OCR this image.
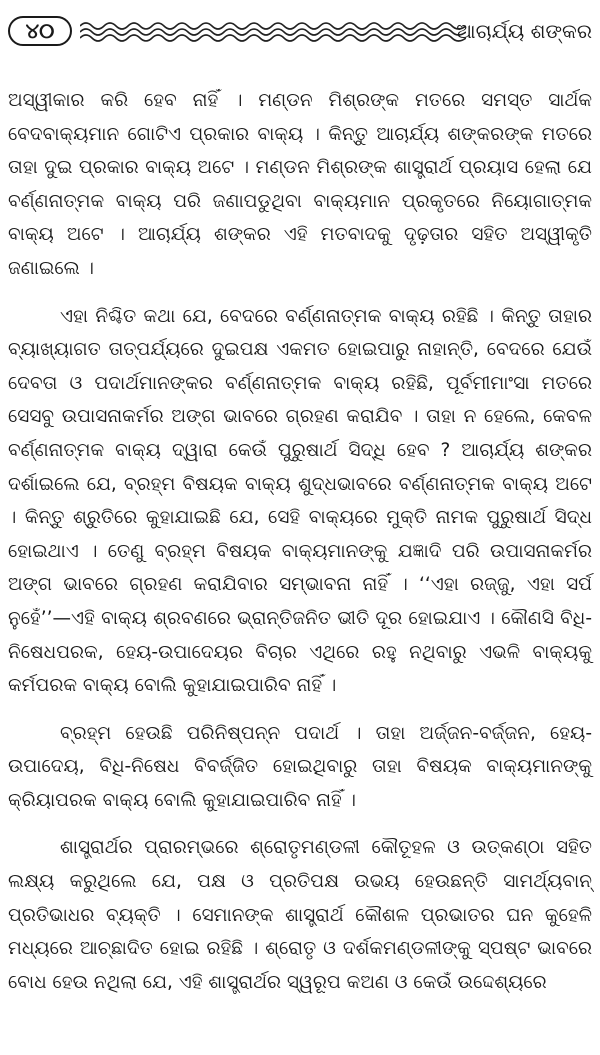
୪୦	ଆଚାର୍ଯ୍ୟ ଶଙ୍କର

ଅସ୍ୱୀକାର କରି ହେବ ନାହିଁ । ମଣ୍ଡନ ମିଶ୍ରଙ୍କ ମତରେ ସମସ୍ତ ସାର୍ଥକ ବେଦବାକ୍ୟମାନ ଗୋଟିଏ ପ୍ରକାର ବାକ୍ୟ । କିନ୍ତୁ ଆଚାର୍ଯ୍ୟ ଶଙ୍କରଙ୍କ ମତରେ ତାହା ଦୁଇ ପ୍ରକାର ବାକ୍ୟ ଅଟେ । ମଣ୍ଡନ ମିଶ୍ରଙ୍କ ଶାସ୍ତ୍ରାର୍ଥ ପ୍ରୟାସ ହେଲା ଯେ ବର୍ଣ୍ଣନାତ୍ମକ ବାକ୍ୟ ପରି ଜଣାପଡୁଥିବା ବାକ୍ୟମାନ ପ୍ରକୃତରେ ନିୟୋଗାତ୍ମକ ବାକ୍ୟ ଅଟେ । ଆଚାର୍ଯ୍ୟ ଶଙ୍କର ଏହି ମତବାଦକୁ ଦୃଢ଼ତାର ସହିତ ଅସ୍ୱୀକୃତି ଜଣାଇଲେ ।

ଏହା ନିଶ୍ଚିତ କଥା ଯେ, ବେଦରେ ବର୍ଣ୍ଣନାତ୍ମକ ବାକ୍ୟ ରହିଛି । କିନ୍ତୁ ତାହାର ବ୍ୟାଖ୍ୟାଗତ ତାତ୍ପର୍ଯ୍ୟରେ ଦୁଇପକ୍ଷ ଏକମତ ହୋଇପାରୁ ନାହାନ୍ତି, ବେଦରେ ଯେଉଁ ଦେବତା ଓ ପଦାର୍ଥମାନଙ୍କର ବର୍ଣ୍ଣନାତ୍ମକ ବାକ୍ୟ ରହିଛି, ପୂର୍ବମୀମାଂସା ମତରେ ସେସବୁ ଉପାସନାକର୍ମର ଅଙ୍ଗ ଭାବରେ ଗ୍ରହଣ କରାଯିବ । ତାହା ନ ହେଲେ, କେବଳ ବର୍ଣ୍ଣନାତ୍ମକ ବାକ୍ୟ ଦ୍ୱାରା କେଉଁ ପୁରୁଷାର୍ଥ ସିଦ୍ଧି ହେବ ? ଆଚାର୍ଯ୍ୟ ଶଙ୍କର ଦର୍ଶାଇଲେ ଯେ, ବ୍ରହ୍ମ ବିଷୟକ ବାକ୍ୟ ଶୁଦ୍ଧଭାବରେ ବର୍ଣ୍ଣନାତ୍ମକ ବାକ୍ୟ ଅଟେ । କିନ୍ତୁ ଶ୍ରୁତିରେ କୁହାଯାଇଛି ଯେ, ସେହି ବାକ୍ୟରେ ମୁକ୍ତି ନାମକ ପୁରୁଷାର୍ଥ ସିଦ୍ଧ ହୋଇଥାଏ । ତେଣୁ ବ୍ରହ୍ମ ବିଷୟକ ବାକ୍ୟମାନଙ୍କୁ ଯଜ୍ଞାଦି ପରି ଉପାସନାକର୍ମର ଅଙ୍ଗ ଭାବରେ ଗ୍ରହଣ କରାଯିବାର ସମ୍ଭାବନା ନାହିଁ । ‘‘ଏହା ରଜ୍ଜୁ, ଏହା ସର୍ପ ନୁହେଁ’’—ଏହି ବାକ୍ୟ ଶ୍ରବଣରେ ଭ୍ରାନ୍ତିଜନିତ ଭୀତି ଦୂର ହୋଇଯାଏ । କୌଣସି ବିଧି-ନିଷେଧପରକ, ହେୟ-ଉପାଦେୟର ବିଚାର ଏଥିରେ ରହୁ ନଥିବାରୁ ଏଭଳି ବାକ୍ୟକୁ କର୍ମପରକ ବାକ୍ୟ ବୋଲି କୁହାଯାଇପାରିବ ନାହିଁ ।

ବ୍ରହ୍ମ ହେଉଛି ପରିନିଷ୍ପନ୍ନ ପଦାର୍ଥ । ତାହା ଅର୍ଜ୍ଜନ-ବର୍ଜ୍ଜନ, ହେୟ-ଉପାଦେୟ, ବିଧି-ନିଷେଧ ବିବର୍ଜ୍ଜିତ ହୋଇଥିବାରୁ ତାହା ବିଷୟକ ବାକ୍ୟମାନଙ୍କୁ କ୍ରିୟାପରକ ବାକ୍ୟ ବୋଲି କୁହାଯାଇପାରିବ ନାହିଁ ।

ଶାସ୍ତ୍ରାର୍ଥର ପ୍ରାରମ୍ଭରେ ଶ୍ରୋତୃମଣ୍ଡଳୀ କୌତୂହଳ ଓ ଉତ୍କଣ୍ଠା ସହିତ ଲକ୍ଷ୍ୟ କରୁଥିଲେ ଯେ, ପକ୍ଷ ଓ ପ୍ରତିପକ୍ଷ ଉଭୟ ହେଉଛନ୍ତି ସାମର୍ଥ୍ୟବାନ୍ ପ୍ରତିଭାଧର ବ୍ୟକ୍ତି । ସେମାନଙ୍କ ଶାସ୍ତ୍ରାର୍ଥ କୌଶଳ ପ୍ରଭାତର ଘନ କୁହେଳି ମଧ୍ୟରେ ଆଚ୍ଛାଦିତ ହୋଇ ରହିଛି । ଶ୍ରୋତୃ ଓ ଦର୍ଶକମଣ୍ଡଳୀଙ୍କୁ ସ୍ପଷ୍ଟ ଭାବରେ ବୋଧ ହେଉ ନଥିଲା ଯେ, ଏହି ଶାସ୍ତ୍ରାର୍ଥର ସ୍ୱରୂପ କଅଣ ଓ କେଉଁ ଉଦ୍ଦେଶ୍ୟରେ
